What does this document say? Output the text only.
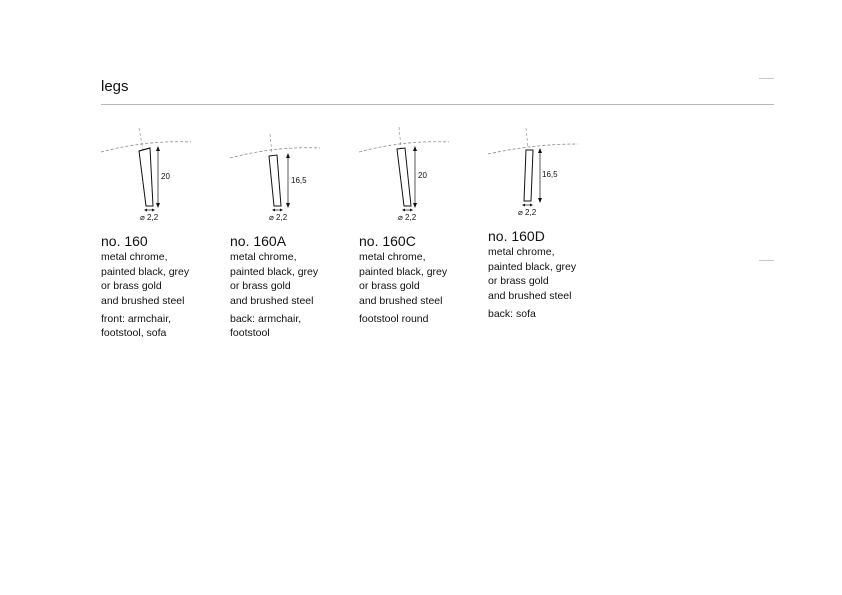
legs
20
⌀ 2,2
no. 160
metal chrome,
painted black, grey
or brass gold
and brushed steel
front: armchair,
footstool, sofa
16,5
⌀ 2,2
no. 160A
metal chrome,
painted black, grey
or brass gold
and brushed steel
back: armchair,
footstool
20
⌀ 2,2
no. 160C
metal chrome,
painted black, grey
or brass gold
and brushed steel
footstool round
16,5
⌀ 2,2
no. 160D
metal chrome,
painted black, grey
or brass gold
and brushed steel
back: sofa
